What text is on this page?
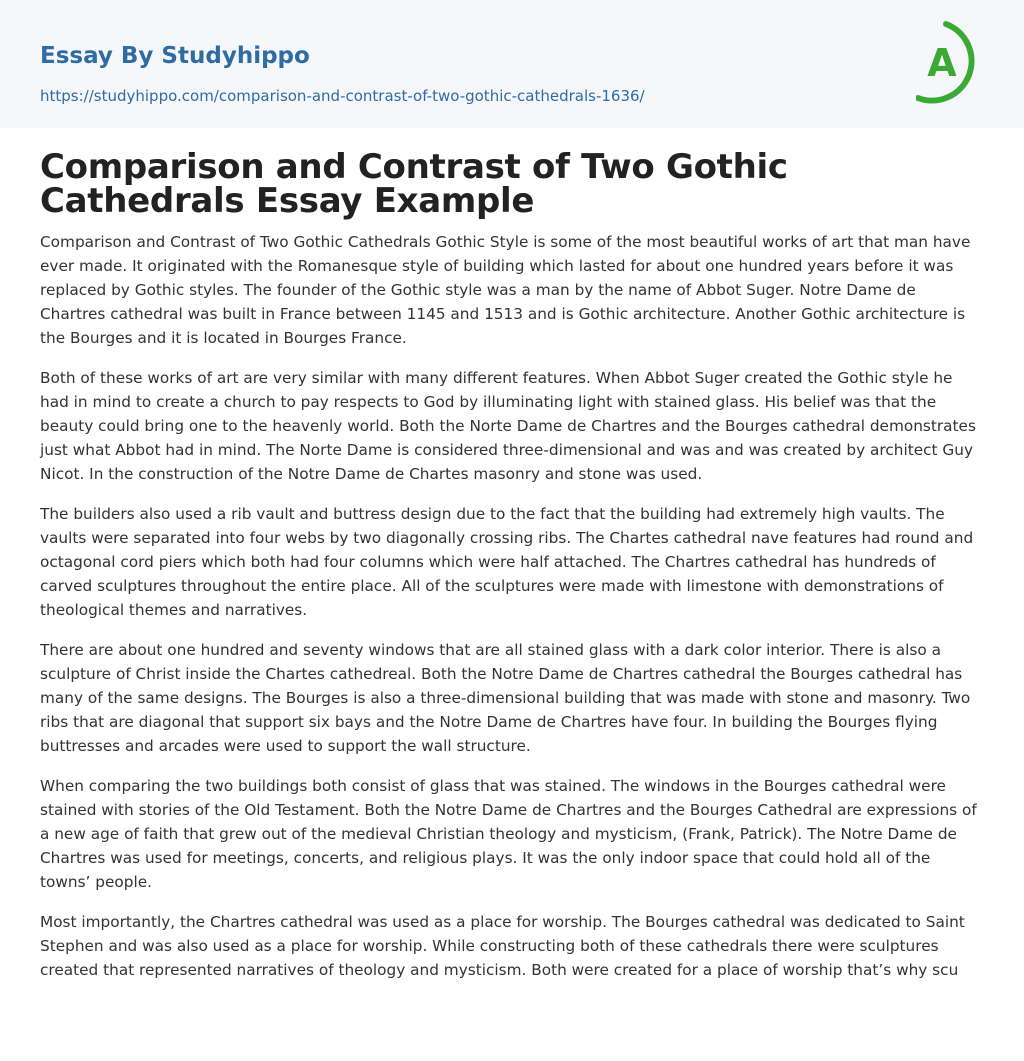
Essay By Studyhippo
https://studyhippo.com/comparison-and-contrast-of-two-gothic-cathedrals-1636/
A
Comparison and Contrast of Two Gothic Cathedrals Essay Example

Comparison and Contrast of Two Gothic Cathedrals Gothic Style is some of the most beautiful works of art that man have ever made. It originated with the Romanesque style of building which lasted for about one hundred years before it was replaced by Gothic styles. The founder of the Gothic style was a man by the name of Abbot Suger. Notre Dame de Chartres cathedral was built in France between 1145 and 1513 and is Gothic architecture. Another Gothic architecture is the Bourges and it is located in Bourges France.

Both of these works of art are very similar with many different features. When Abbot Suger created the Gothic style he had in mind to create a church to pay respects to God by illuminating light with stained glass. His belief was that the beauty could bring one to the heavenly world. Both the Norte Dame de Chartres and the Bourges cathedral demonstrates just what Abbot had in mind. The Norte Dame is considered three-dimensional and was and was created by architect Guy Nicot. In the construction of the Notre Dame de Chartes masonry and stone was used.

The builders also used a rib vault and buttress design due to the fact that the building had extremely high vaults. The vaults were separated into four webs by two diagonally crossing ribs. The Chartes cathedral nave features had round and octagonal cord piers which both had four columns which were half attached. The Chartres cathedral has hundreds of carved sculptures throughout the entire place. All of the sculptures were made with limestone with demonstrations of theological themes and narratives.

There are about one hundred and seventy windows that are all stained glass with a dark color interior. There is also a sculpture of Christ inside the Chartes cathedreal. Both the Notre Dame de Chartres cathedral the Bourges cathedral has many of the same designs. The Bourges is also a three-dimensional building that was made with stone and masonry. Two ribs that are diagonal that support six bays and the Notre Dame de Chartres have four. In building the Bourges flying buttresses and arcades were used to support the wall structure.

When comparing the two buildings both consist of glass that was stained. The windows in the Bourges cathedral were stained with stories of the Old Testament. Both the Notre Dame de Chartres and the Bourges Cathedral are expressions of a new age of faith that grew out of the medieval Christian theology and mysticism, (Frank, Patrick). The Notre Dame de Chartres was used for meetings, concerts, and religious plays. It was the only indoor space that could hold all of the towns’ people.

Most importantly, the Chartres cathedral was used as a place for worship. The Bourges cathedral was dedicated to Saint Stephen and was also used as a place for worship. While constructing both of these cathedrals there were sculptures created that represented narratives of theology and mysticism. Both were created for a place of worship that’s why scu
